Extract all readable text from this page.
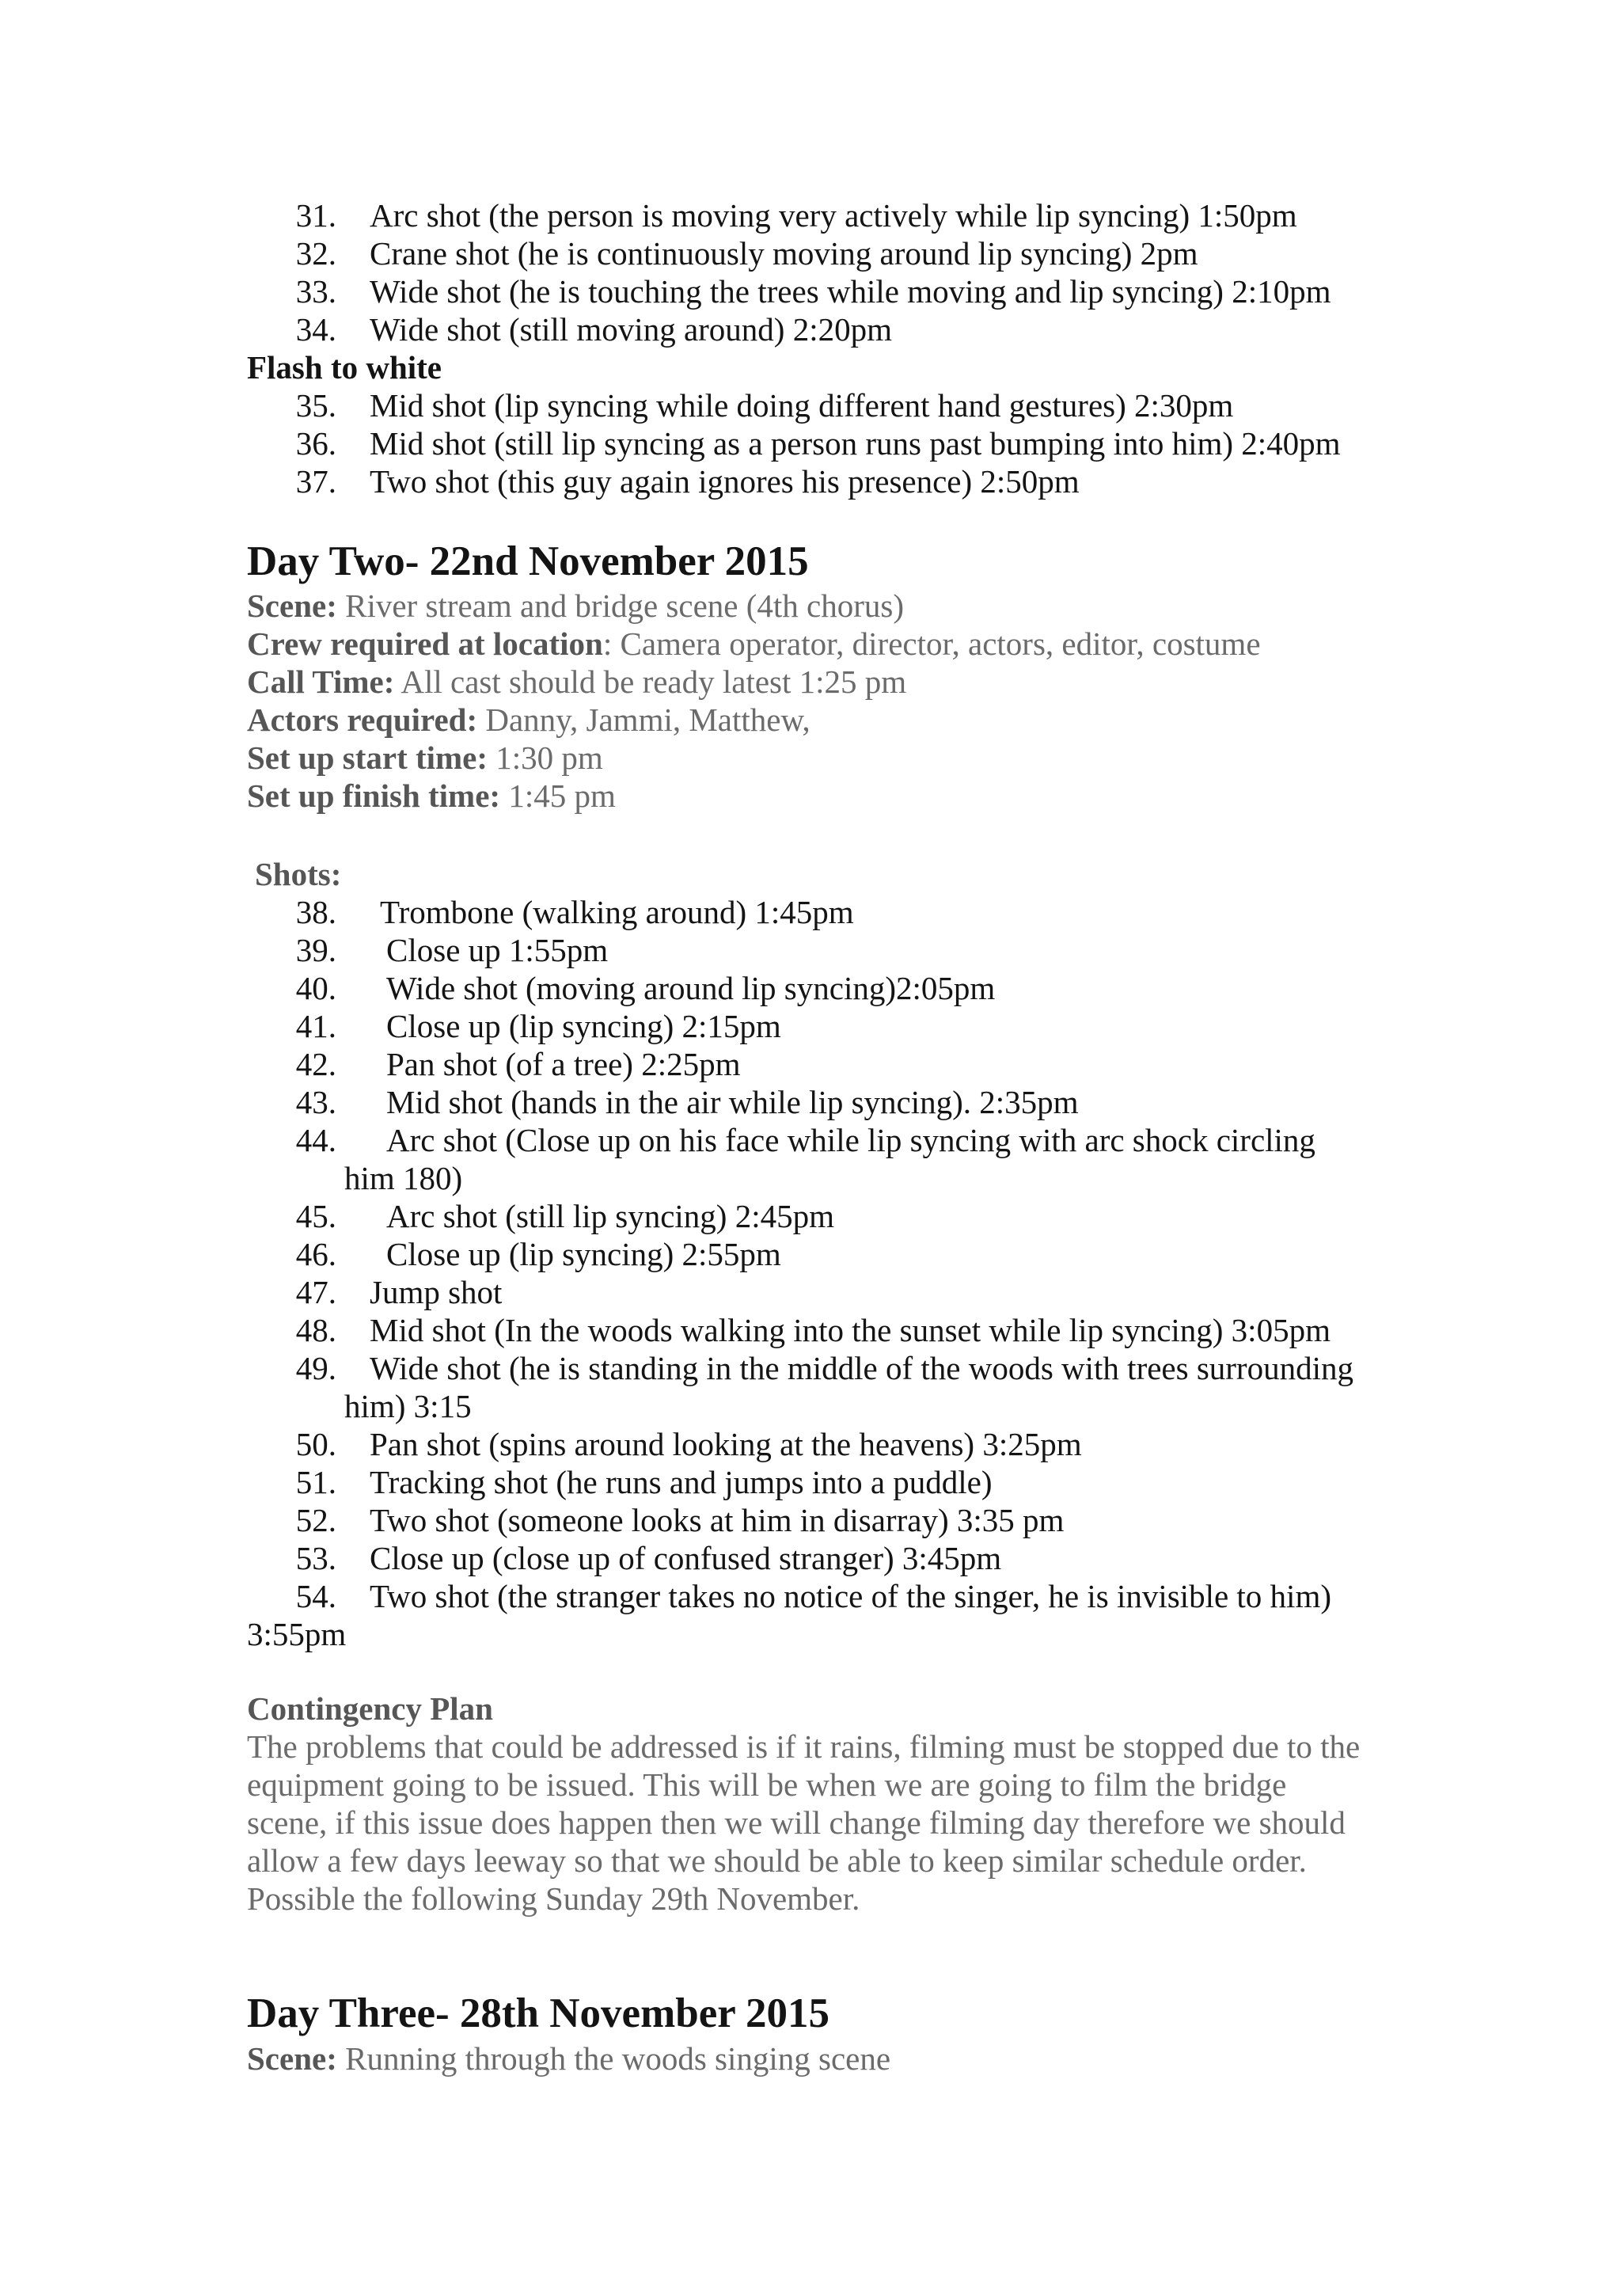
31. Arc shot (the person is moving very actively while lip syncing) 1:50pm
32. Crane shot (he is continuously moving around lip syncing) 2pm
33. Wide shot (he is touching the trees while moving and lip syncing) 2:10pm
34. Wide shot (still moving around) 2:20pm
Flash to white
35. Mid shot (lip syncing while doing different hand gestures) 2:30pm
36. Mid shot (still lip syncing as a person runs past bumping into him) 2:40pm
37. Two shot (this guy again ignores his presence) 2:50pm
Day Two- 22nd November 2015
Scene: River stream and bridge scene (4th chorus)
Crew required at location: Camera operator, director, actors, editor, costume
Call Time: All cast should be ready latest 1:25 pm
Actors required: Danny, Jammi, Matthew,
Set up start time: 1:30 pm
Set up finish time: 1:45 pm
Shots:
38. Trombone (walking around) 1:45pm
39. Close up 1:55pm
40. Wide shot (moving around lip syncing)2:05pm
41. Close up (lip syncing) 2:15pm
42. Pan shot (of a tree) 2:25pm
43. Mid shot (hands in the air while lip syncing). 2:35pm
44. Arc shot (Close up on his face while lip syncing with arc shock circling
him 180)
45. Arc shot (still lip syncing) 2:45pm
46. Close up (lip syncing) 2:55pm
47. Jump shot
48. Mid shot (In the woods walking into the sunset while lip syncing) 3:05pm
49. Wide shot (he is standing in the middle of the woods with trees surrounding
him) 3:15
50. Pan shot (spins around looking at the heavens) 3:25pm
51. Tracking shot (he runs and jumps into a puddle)
52. Two shot (someone looks at him in disarray) 3:35 pm
53. Close up (close up of confused stranger) 3:45pm
54. Two shot (the stranger takes no notice of the singer, he is invisible to him)
3:55pm
Contingency Plan
The problems that could be addressed is if it rains, filming must be stopped due to the
equipment going to be issued. This will be when we are going to film the bridge
scene, if this issue does happen then we will change filming day therefore we should
allow a few days leeway so that we should be able to keep similar schedule order.
Possible the following Sunday 29th November.
Day Three- 28th November 2015
Scene: Running through the woods singing scene
